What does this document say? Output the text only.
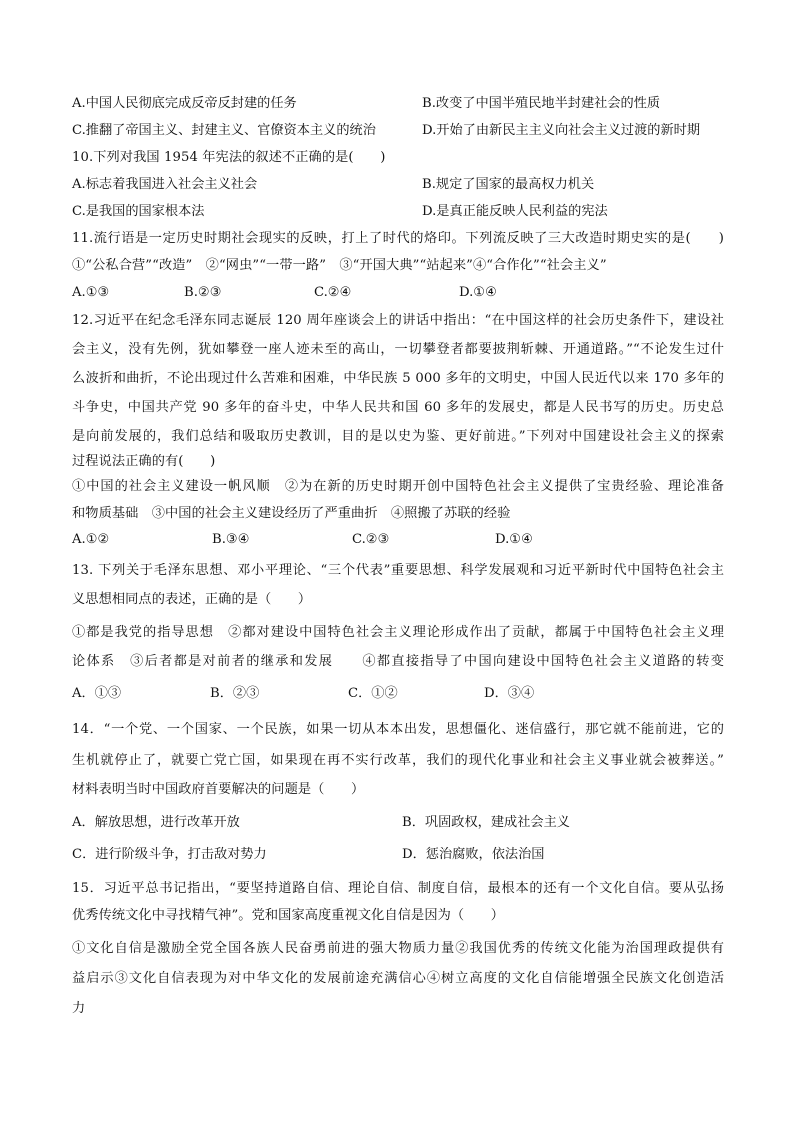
A.中国人民彻底完成反帝反封建的任务	B.改变了中国半殖民地半封建社会的性质
C.推翻了帝国主义、封建主义、官僚资本主义的统治	D.开始了由新民主主义向社会主义过渡的新时期
10.下列对我国 1954 年宪法的叙述不正确的是(　　)
A.标志着我国进入社会主义社会	B.规定了国家的最高权力机关
C.是我国的国家根本法	D.是真正能反映人民利益的宪法
11.流行语是一定历史时期社会现实的反映，打上了时代的烙印。下列流反映了三大改造时期史实的是(　　)
①“公私合营”“改造”　②“网虫”“一带一路”　③“开国大典”“站起来”④“合作化”“社会主义”
A.①③	B.②③	C.②④	D.①④
12.习近平在纪念毛泽东同志诞辰 120 周年座谈会上的讲话中指出：“在中国这样的社会历史条件下，建设社
会主义，没有先例，犹如攀登一座人迹未至的高山，一切攀登者都要披荆斩棘、开通道路。”“不论发生过什
么波折和曲折，不论出现过什么苦难和困难，中华民族 5 000 多年的文明史，中国人民近代以来 170 多年的
斗争史，中国共产党 90 多年的奋斗史，中华人民共和国 60 多年的发展史，都是人民书写的历史。历史总
是向前发展的，我们总结和吸取历史教训，目的是以史为鉴、更好前进。”下列对中国建设社会主义的探索
过程说法正确的有(　　)
①中国的社会主义建设一帆风顺　②为在新的历史时期开创中国特色社会主义提供了宝贵经验、理论准备
和物质基础　③中国的社会主义建设经历了严重曲折　④照搬了苏联的经验
A.①②	B.③④	C.②③	D.①④
13. 下列关于毛泽东思想、邓小平理论、“三个代表”重要思想、科学发展观和习近平新时代中国特色社会主
义思想相同点的表述，正确的是（　　）
①都是我党的指导思想　②都对建设中国特色社会主义理论形成作出了贡献，都属于中国特色社会主义理
论体系　③后者都是对前者的继承和发展　　④都直接指导了中国向建设中国特色社会主义道路的转变
A．①③	B．②③	C．①②	D．③④
14．“一个党、一个国家、一个民族，如果一切从本本出发，思想僵化、迷信盛行，那它就不能前进，它的
生机就停止了，就要亡党亡国，如果现在再不实行改革，我们的现代化事业和社会主义事业就会被葬送。”
材料表明当时中国政府首要解决的问题是（　　）
A．解放思想，进行改革开放	B．巩固政权，建成社会主义
C．进行阶级斗争，打击敌对势力	D．惩治腐败，依法治国
15．习近平总书记指出，“要坚持道路自信、理论自信、制度自信，最根本的还有一个文化自信。要从弘扬
优秀传统文化中寻找精气神”。党和国家高度重视文化自信是因为（　　）
①文化自信是激励全党全国各族人民奋勇前进的强大物质力量②我国优秀的传统文化能为治国理政提供有
益启示③文化自信表现为对中华文化的发展前途充满信心④树立高度的文化自信能增强全民族文化创造活
力
